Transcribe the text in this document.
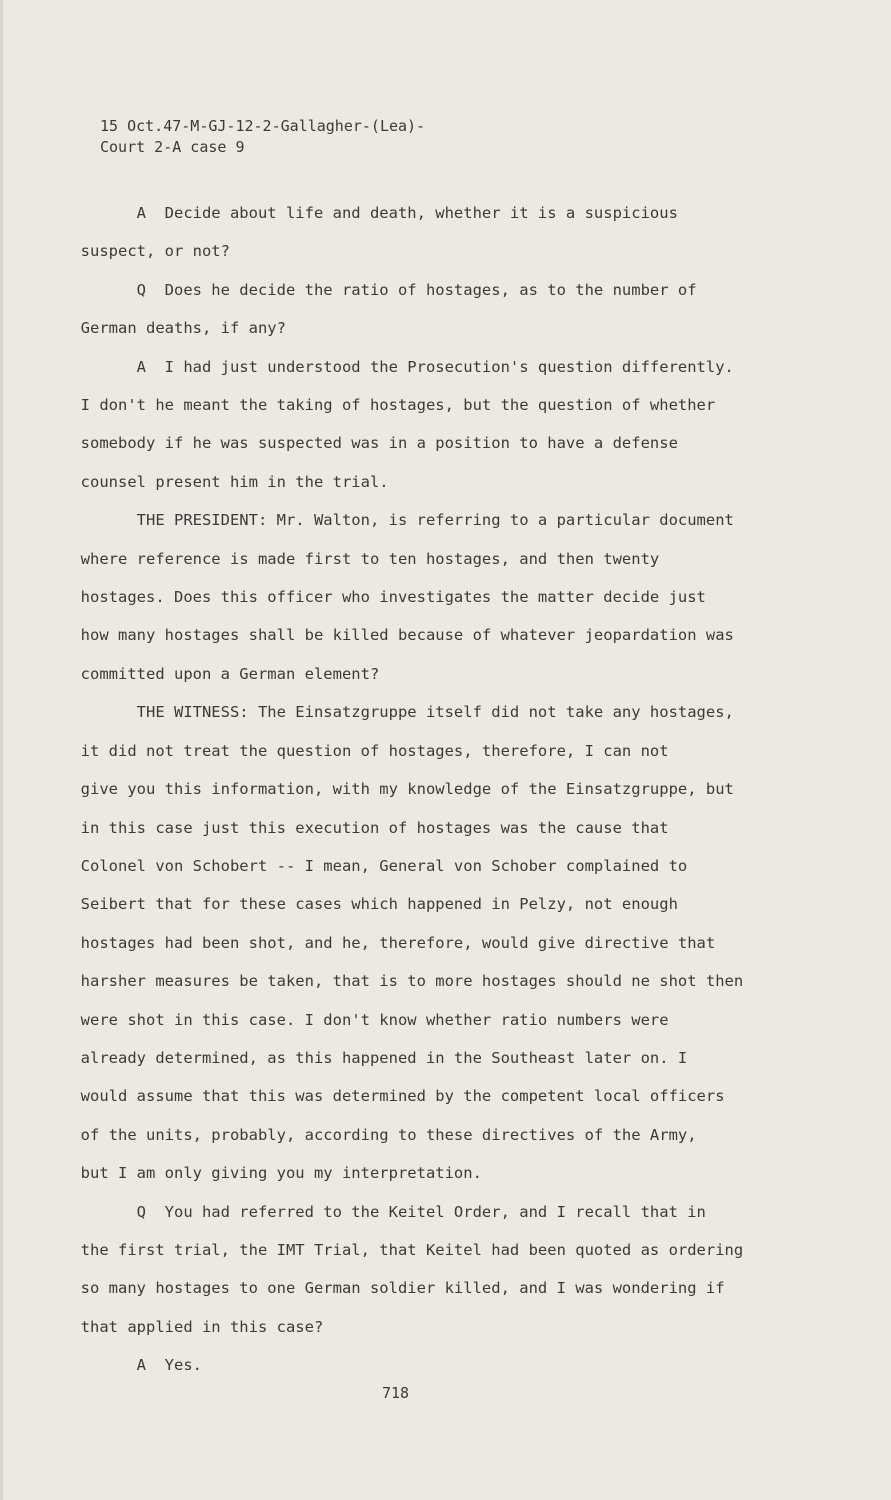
15 Oct.47-M-GJ-12-2-Gallagher-(Lea)-
Court 2-A case 9

A  Decide about life and death, whether it is a suspicious

suspect, or not?

Q  Does he decide the ratio of hostages, as to the number of

German deaths, if any?

A  I had just understood the Prosecution's question differently.

I don't he meant the taking of hostages, but the question of whether

somebody if he was suspected was in a position to have a defense

counsel present him in the trial.

THE PRESIDENT: Mr. Walton, is referring to a particular document

where reference is made first to ten hostages, and then twenty

hostages. Does this officer who investigates the matter decide just

how many hostages shall be killed because of whatever jeopardation was

committed upon a German element?

THE WITNESS: The Einsatzgruppe itself did not take any hostages,

it did not treat the question of hostages, therefore, I can not

give you this information, with my knowledge of the Einsatzgruppe, but

in this case just this execution of hostages was the cause that

Colonel von Schobert -- I mean, General von Schober complained to

Seibert that for these cases which happened in Pelzy, not enough

hostages had been shot, and he, therefore, would give directive that

harsher measures be taken, that is to more hostages should ne shot then

were shot in this case. I don't know whether ratio numbers were

already determined, as this happened in the Southeast later on. I

would assume that this was determined by the competent local officers

of the units, probably, according to these directives of the Army,

but I am only giving you my interpretation.

Q  You had referred to the Keitel Order, and I recall that in

the first trial, the IMT Trial, that Keitel had been quoted as ordering

so many hostages to one German soldier killed, and I was wondering if

that applied in this case?

A  Yes.

718
